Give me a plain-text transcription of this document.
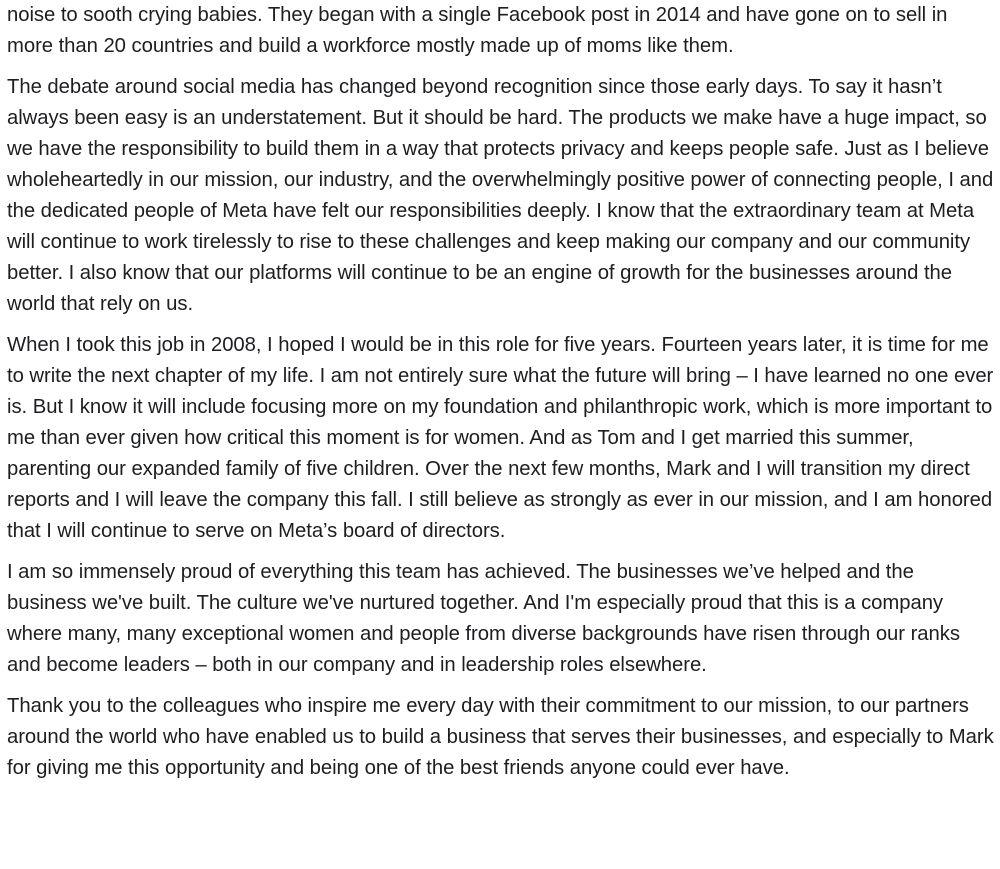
noise to sooth crying babies. They began with a single Facebook post in 2014 and have gone on to sell in more than 20 countries and build a workforce mostly made up of moms like them.

The debate around social media has changed beyond recognition since those early days. To say it hasn’t always been easy is an understatement. But it should be hard. The products we make have a huge impact, so we have the responsibility to build them in a way that protects privacy and keeps people safe. Just as I believe wholeheartedly in our mission, our industry, and the overwhelmingly positive power of connecting people, I and the dedicated people of Meta have felt our responsibilities deeply. I know that the extraordinary team at Meta will continue to work tirelessly to rise to these challenges and keep making our company and our community better. I also know that our platforms will continue to be an engine of growth for the businesses around the world that rely on us.

When I took this job in 2008, I hoped I would be in this role for five years. Fourteen years later, it is time for me to write the next chapter of my life. I am not entirely sure what the future will bring – I have learned no one ever is. But I know it will include focusing more on my foundation and philanthropic work, which is more important to me than ever given how critical this moment is for women. And as Tom and I get married this summer, parenting our expanded family of five children. Over the next few months, Mark and I will transition my direct reports and I will leave the company this fall. I still believe as strongly as ever in our mission, and I am honored that I will continue to serve on Meta’s board of directors.

I am so immensely proud of everything this team has achieved. The businesses we’ve helped and the business we've built. The culture we've nurtured together. And I'm especially proud that this is a company where many, many exceptional women and people from diverse backgrounds have risen through our ranks and become leaders – both in our company and in leadership roles elsewhere.

Thank you to the colleagues who inspire me every day with their commitment to our mission, to our partners around the world who have enabled us to build a business that serves their businesses, and especially to Mark for giving me this opportunity and being one of the best friends anyone could ever have.
